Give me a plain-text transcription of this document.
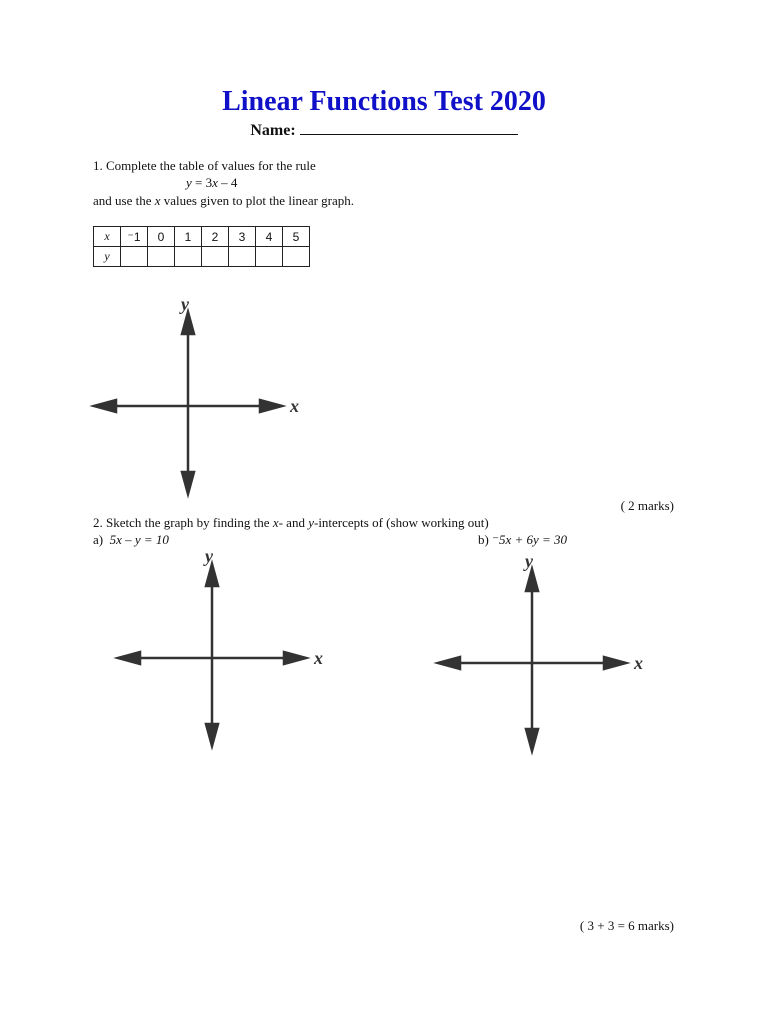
Linear Functions Test 2020
Name:
1. Complete the table of values for the rule
y = 3x – 4
and use the x values given to plot the linear graph.
x	⁻1	0	1	2	3	4	5
y							
x
y
( 2 marks)
2. Sketch the graph by finding the x- and y-intercepts of (show working out)
a) 5x – y = 10	b) ⁻5x + 6y = 30
x
y
x
y
( 3 + 3 = 6 marks)
